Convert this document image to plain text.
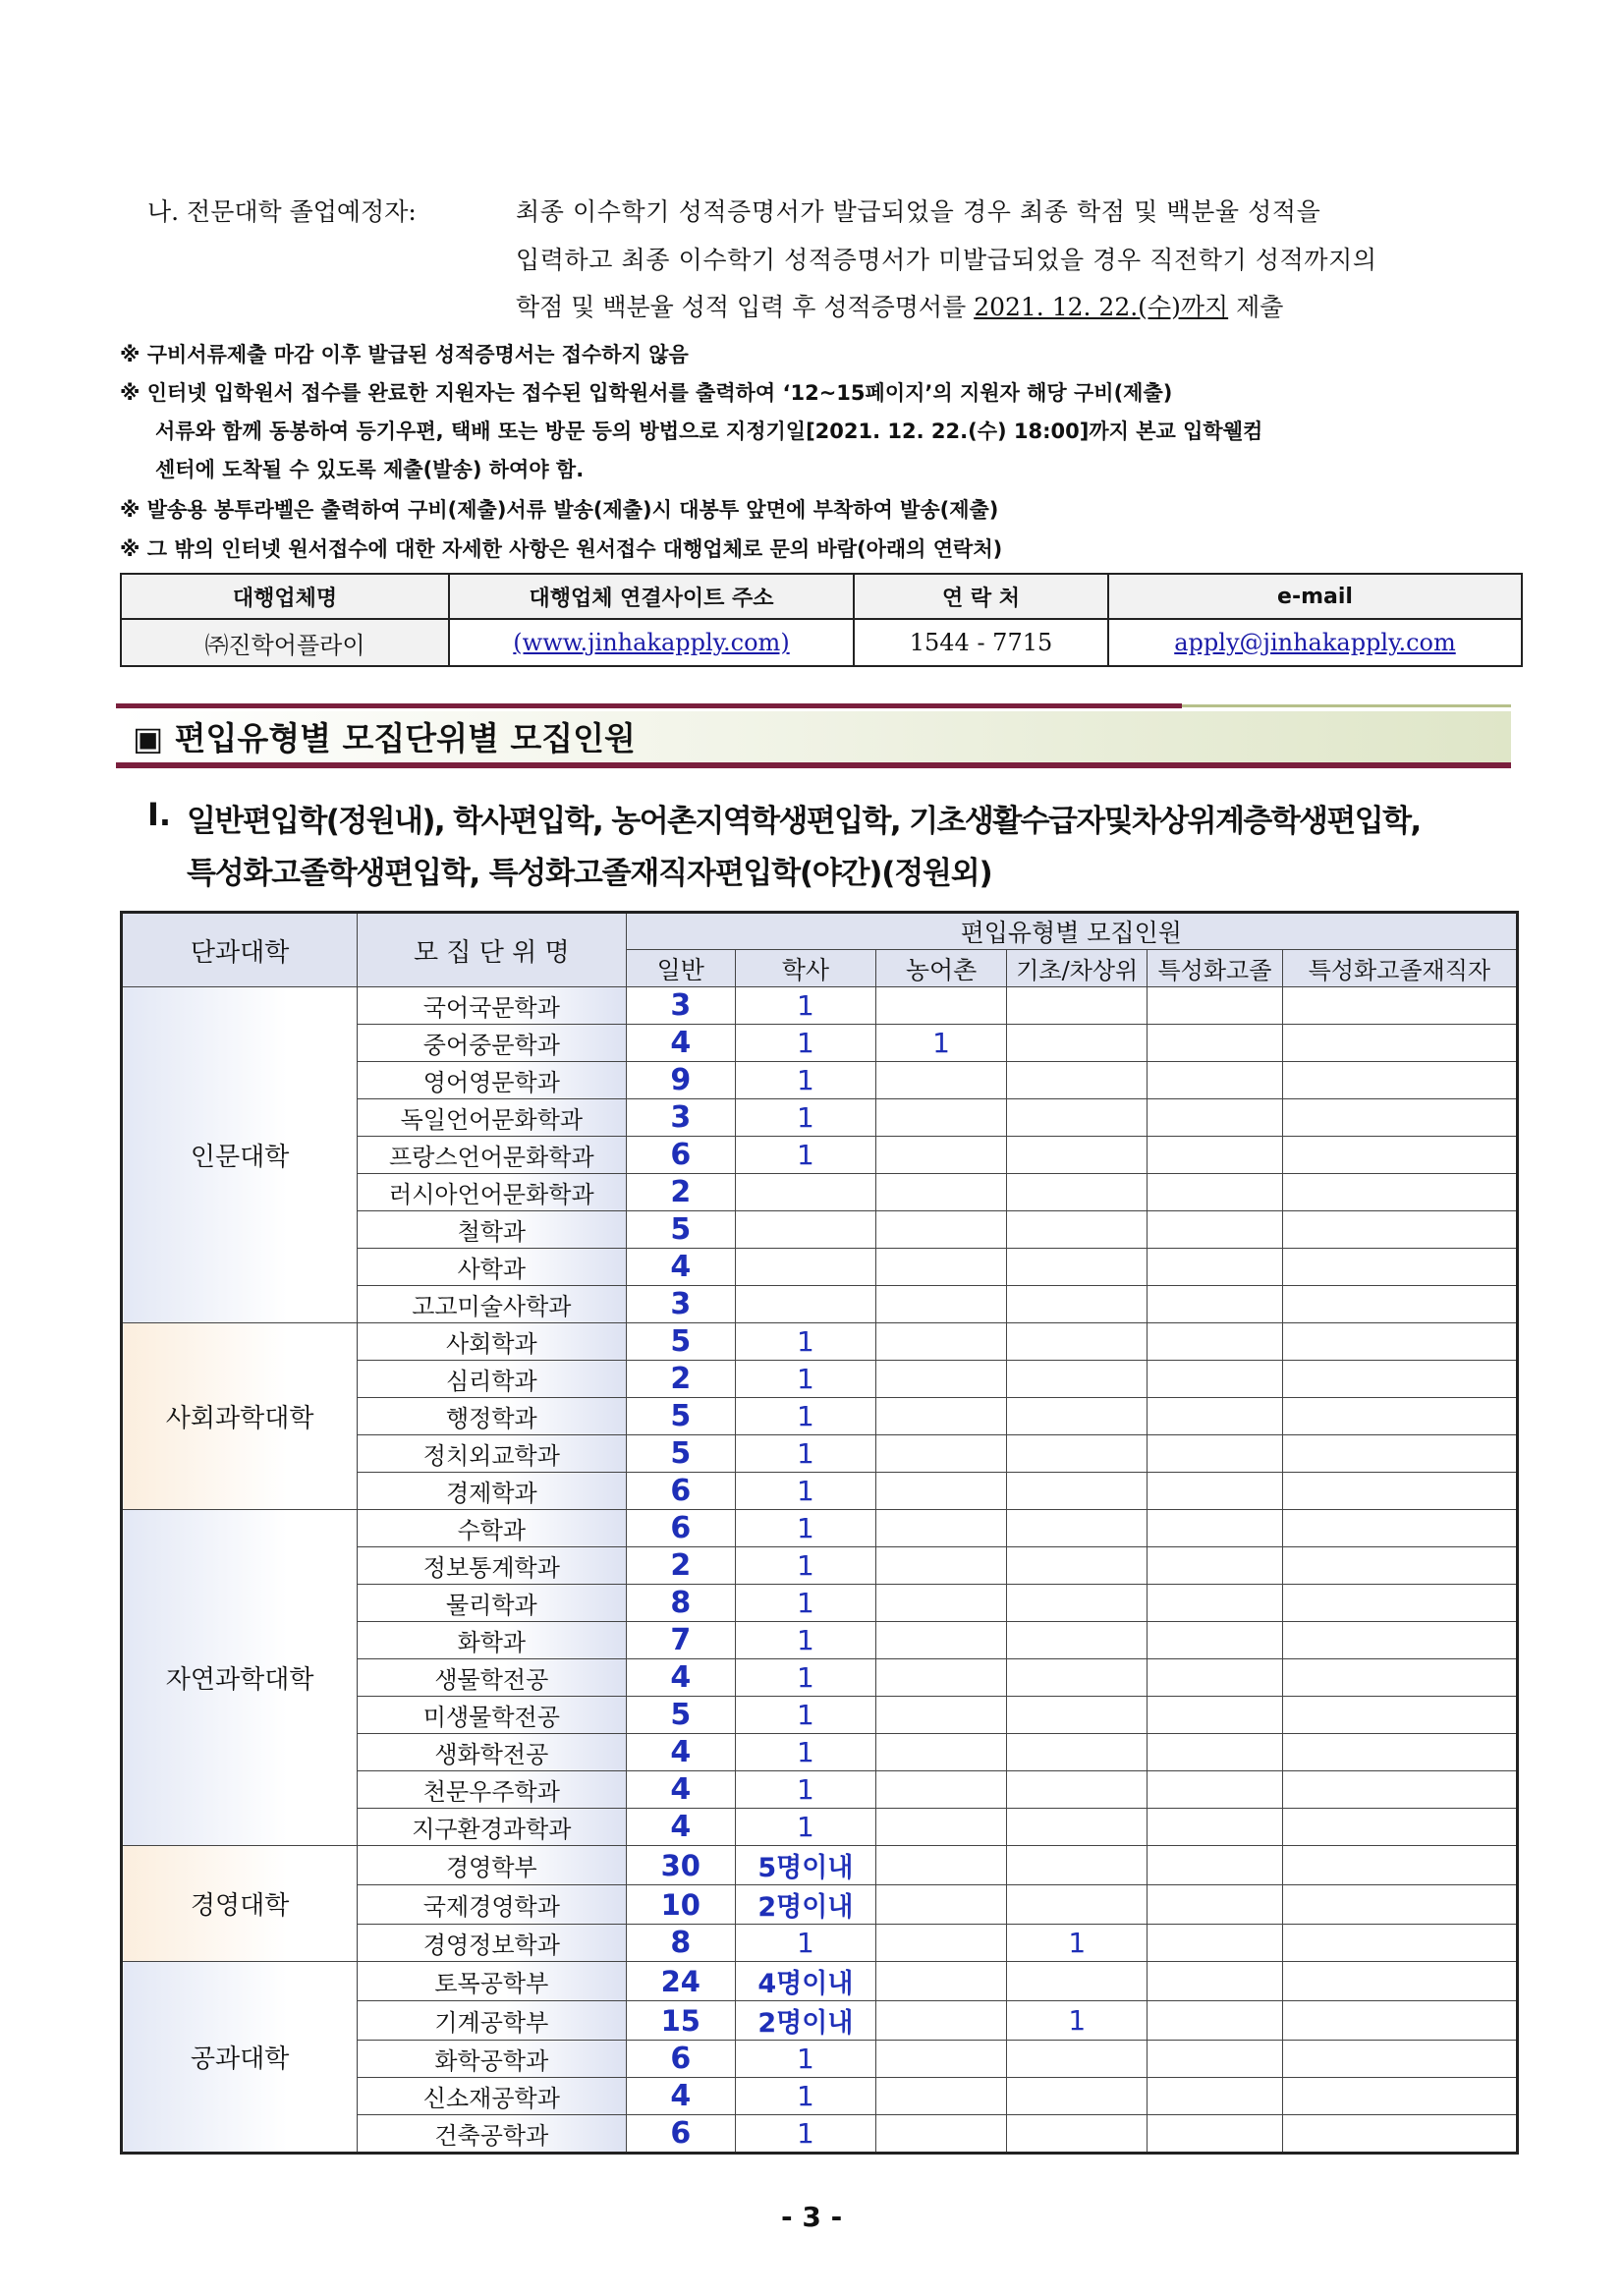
나. 전문대학 졸업예정자:	최종 이수학기 성적증명서가 발급되었을 경우 최종 학점 및 백분율 성적을
입력하고 최종 이수학기 성적증명서가 미발급되었을 경우 직전학기 성적까지의
학점 및 백분율 성적 입력 후 성적증명서를 2021. 12. 22.(수)까지 제출
※ 구비서류제출 마감 이후 발급된 성적증명서는 접수하지 않음
※ 인터넷 입학원서 접수를 완료한 지원자는 접수된 입학원서를 출력하여 ‘12~15페이지’의 지원자 해당 구비(제출)
서류와 함께 동봉하여 등기우편, 택배 또는 방문 등의 방법으로 지정기일[2021. 12. 22.(수) 18:00]까지 본교 입학웰컴
센터에 도착될 수 있도록 제출(발송) 하여야 함.
※ 발송용 봉투라벨은 출력하여 구비(제출)서류 발송(제출)시 대봉투 앞면에 부착하여 발송(제출)
※ 그 밖의 인터넷 원서접수에 대한 자세한 사항은 원서접수 대행업체로 문의 바람(아래의 연락처)
대행업체명	대행업체 연결사이트 주소	연 락 처	e-mail
㈜진학어플라이	(www.jinhakapply.com)	1544 - 7715	apply@jinhakapply.com
▣ 편입유형별 모집단위별 모집인원
Ⅰ. 일반편입학(정원내), 학사편입학, 농어촌지역학생편입학, 기초생활수급자및차상위계층학생편입학,
특성화고졸학생편입학, 특성화고졸재직자편입학(야간)(정원외)
단과대학	모 집 단 위 명	편입유형별 모집인원					
		일반	학사	농어촌	기초/차상위	특성화고졸	특성화고졸재직자
인문대학	국어국문학과	3	1				
	중어중문학과	4	1	1			
	영어영문학과	9	1				
	독일언어문화학과	3	1				
	프랑스언어문화학과	6	1				
	러시아언어문화학과	2					
	철학과	5					
	사학과	4					
	고고미술사학과	3					
사회과학대학	사회학과	5	1				
	심리학과	2	1				
	행정학과	5	1				
	정치외교학과	5	1				
	경제학과	6	1				
자연과학대학	수학과	6	1				
	정보통계학과	2	1				
	물리학과	8	1				
	화학과	7	1				
	생물학전공	4	1				
	미생물학전공	5	1				
	생화학전공	4	1				
	천문우주학과	4	1				
	지구환경과학과	4	1				
경영대학	경영학부	30	5명이내				
	국제경영학과	10	2명이내				
	경영정보학과	8	1		1		
공과대학	토목공학부	24	4명이내				
	기계공학부	15	2명이내		1		
	화학공학과	6	1				
	신소재공학과	4	1				
	건축공학과	6	1				
- 3 -
